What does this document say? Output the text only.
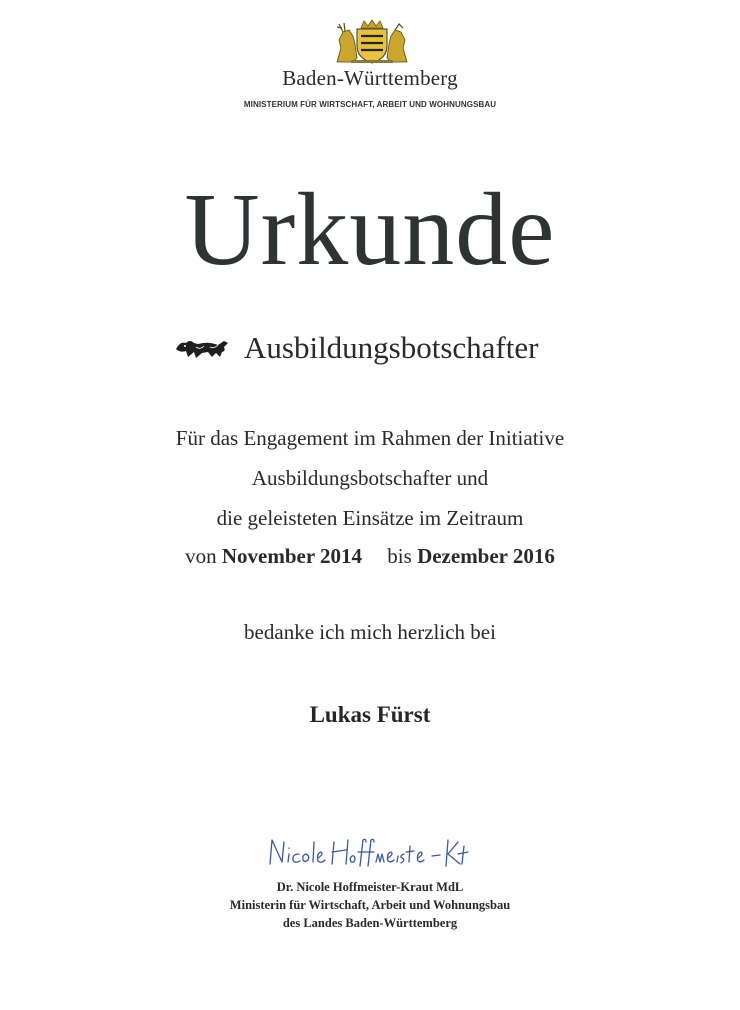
Baden-Württemberg
MINISTERIUM FÜR WIRTSCHAFT, ARBEIT UND WOHNUNGSBAU
Urkunde
Ausbildungsbotschafter
Für das Engagement im Rahmen der Initiative
Ausbildungsbotschafter und
die geleisteten Einsätze im Zeitraum
von November 2014 bis Dezember 2016
bedanke ich mich herzlich bei
Lukas Fürst
Dr. Nicole Hoffmeister-Kraut MdL
Ministerin für Wirtschaft, Arbeit und Wohnungsbau
des Landes Baden-Württemberg
